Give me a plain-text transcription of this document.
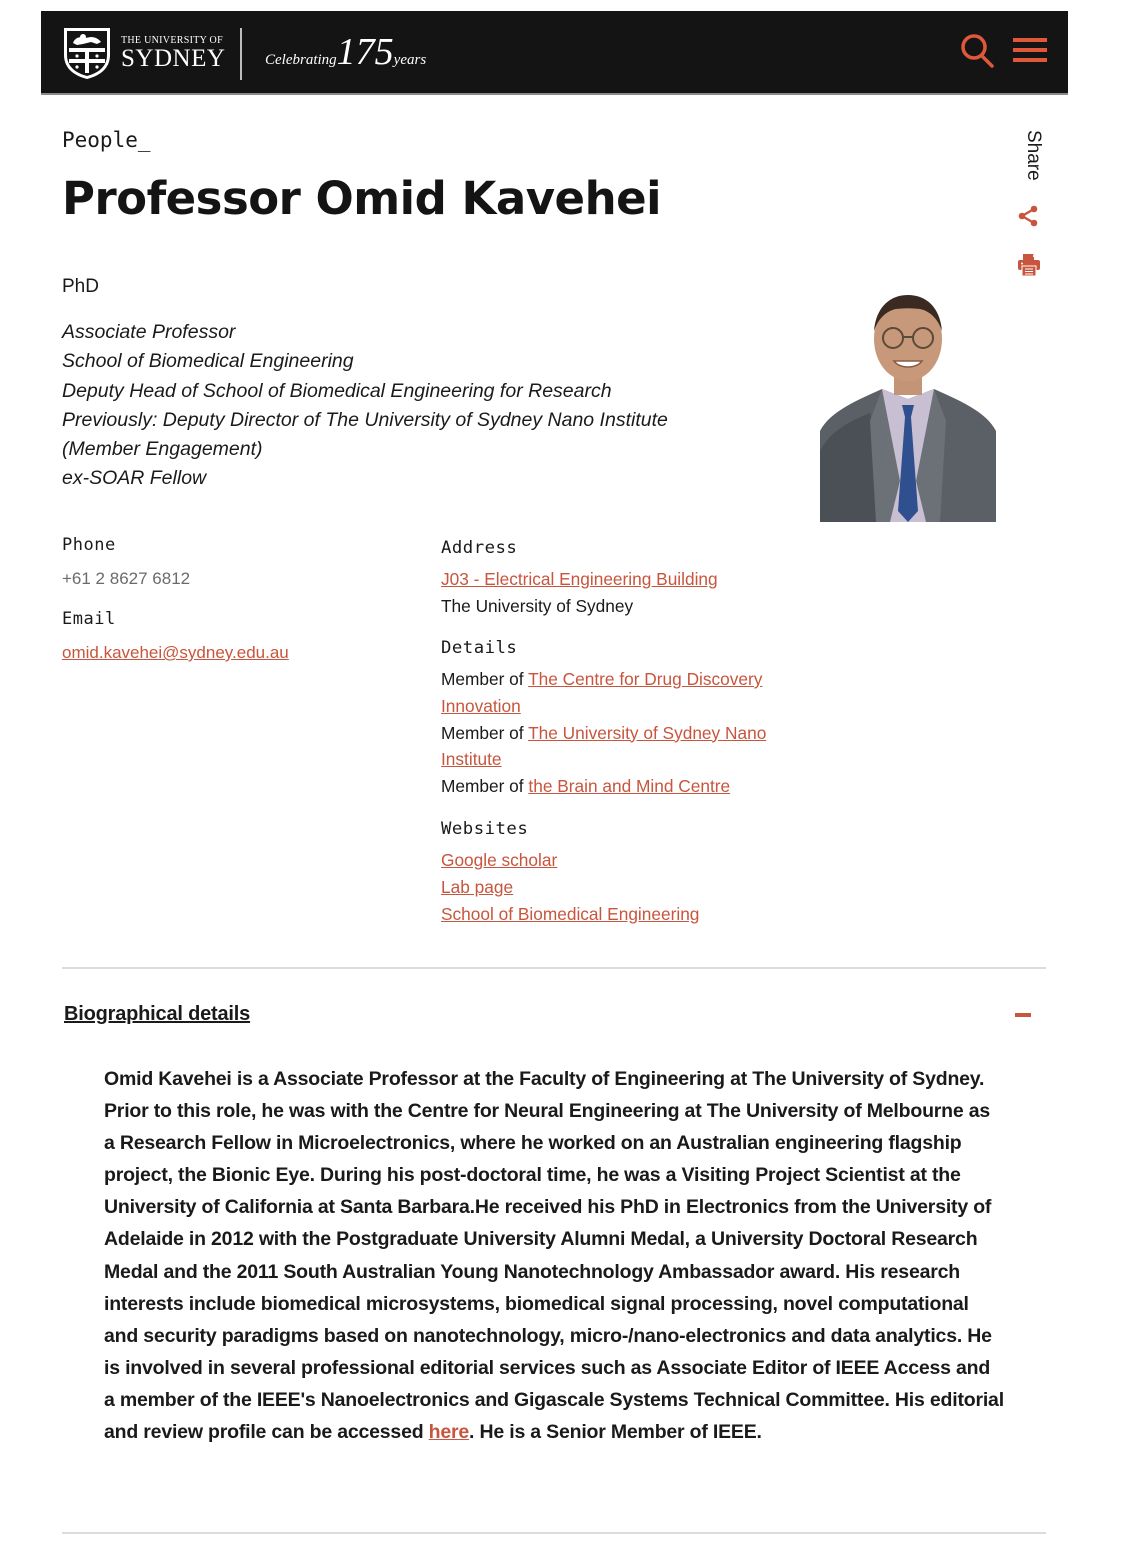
THE UNIVERSITY OF
SYDNEY	Celebrating175years
People_
Professor Omid Kavehei
Share
PhD
Associate Professor
School of Biomedical Engineering
Deputy Head of School of Biomedical Engineering for Research
Previously: Deputy Director of The University of Sydney Nano Institute
(Member Engagement)
ex-SOAR Fellow
Phone
+61 2 8627 6812
Email
omid.kavehei@sydney.edu.au
Address
J03 - Electrical Engineering Building
The University of Sydney
Details
Member of The Centre for Drug Discovery Innovation
Member of The University of Sydney Nano Institute
Member of the Brain and Mind Centre
Websites
Google scholar
Lab page
School of Biomedical Engineering
Biographical details
Omid Kavehei is a Associate Professor at the Faculty of Engineering at The University of Sydney. Prior to this role, he was with the Centre for Neural Engineering at The University of Melbourne as a Research Fellow in Microelectronics, where he worked on an Australian engineering flagship project, the Bionic Eye. During his post-doctoral time, he was a Visiting Project Scientist at the University of California at Santa Barbara.He received his PhD in Electronics from the University of Adelaide in 2012 with the Postgraduate University Alumni Medal, a University Doctoral Research Medal and the 2011 South Australian Young Nanotechnology Ambassador award. His research interests include biomedical microsystems, biomedical signal processing, novel computational and security paradigms based on nanotechnology, micro-/nano-electronics and data analytics. He is involved in several professional editorial services such as Associate Editor of IEEE Access and a member of the IEEE's Nanoelectronics and Gigascale Systems Technical Committee. His editorial and review profile can be accessed here. He is a Senior Member of IEEE.
